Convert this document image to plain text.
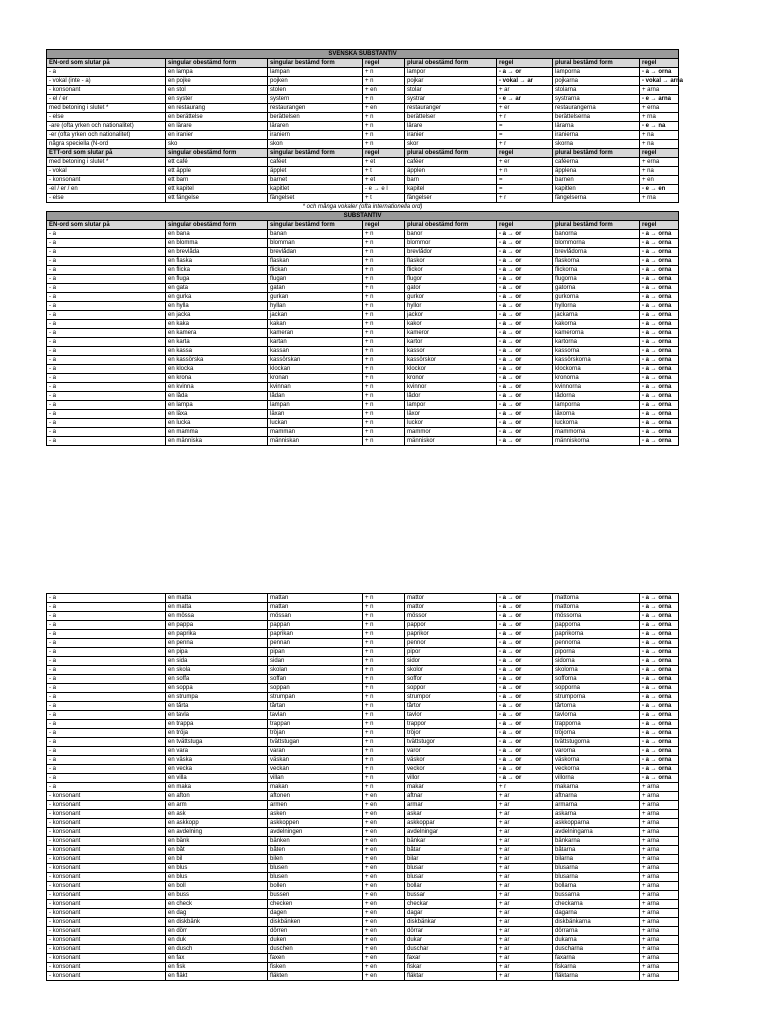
SVENSKA SUBSTANTIV							
EN-ord som slutar på	singular obestämd form	singular bestämd form	regel	plural obestämd form	regel	plural bestämd form	regel
- a	en lampa	lampan	+ n	lampor	- a → or	lamporna	- a → orna
- vokal (inte - a)	en pojke	pojken	+ n	pojkar	- vokal → ar	pojkarna	- vokal → arna
- konsonant	en stol	stolen	+ en	stolar	+ ar	stolarna	+ arna
- el / er	en syster	systern	+ n	systrar	- e → ar	systrarna	- e → arna
med betoning i slutet *	en restaurang	restaurangen	+ en	restauranger	+ er	restaurangerna	+ erna
- else	en berättelse	berättelsen	+ n	berättelser	+ r	berättelserna	+ rna
-are (ofta yrken och nationalitet)	en lärare	läraren	+ n	lärare	=	lärarna	- e → na
-er (ofta yrken och nationalitet)	en iranier	iraniern	+ n	iranier	=	iranierna	+ na
några speciella (N-ord	sko	skon	+ n	skor	+ r	skorna	+ na
ETT-ord som slutar på	singular obestämd form	singular bestämd form	regel	plural obestämd form	regel	plural bestämd form	regel
med betoning i slutet *	ett café	caféet	+ et	caféer	+ er	caféerna	+ erna
- vokal	ett äpple	äpplet	+ t	äpplen	+ n	äpplena	+ na
- konsonant	ett barn	barnet	+ et	barn	=	barnen	+ en
-el / er / en	ett kapitel	kapitlet	- e → e l	kapitel	=	kapitlen	- e → en
- else	ett fängelse	fängelset	+ t	fängelser	+ r	fängelserna	+ rna
* och många vokaler (ofta internationella ord)							
SUBSTANTIV							
EN-ord som slutar på	singular obestämd form	singular bestämd form	regel	plural obestämd form	regel	plural bestämd form	regel
- a	en bana	banan	+ n	banor	- a → or	banorna	- a → orna
- a	en blomma	blomman	+ n	blommor	- a → or	blommorna	- a → orna
- a	en brevlåda	brevlådan	+ n	brevlådor	- a → or	brevlådorna	- a → orna
- a	en flaska	flaskan	+ n	flaskor	- a → or	flaskorna	- a → orna
- a	en flicka	flickan	+ n	flickor	- a → or	flickorna	- a → orna
- a	en fluga	flugan	+ n	flugor	- a → or	flugorna	- a → orna
- a	en gata	gatan	+ n	gator	- a → or	gatorna	- a → orna
- a	en gurka	gurkan	+ n	gurkor	- a → or	gurkorna	- a → orna
- a	en hylla	hyllan	+ n	hyllor	- a → or	hyllorna	- a → orna
- a	en jacka	jackan	+ n	jackor	- a → or	jackarna	- a → orna
- a	en kaka	kakan	+ n	kakor	- a → or	kakorna	- a → orna
- a	en kamera	kameran	+ n	kameror	- a → or	kamerorna	- a → orna
- a	en karta	kartan	+ n	kartor	- a → or	kartorna	- a → orna
- a	en kassa	kassan	+ n	kassor	- a → or	kassorna	- a → orna
- a	en kassörska	kassörskan	+ n	kassörskor	- a → or	kassörskorna	- a → orna
- a	en klocka	klockan	+ n	klockor	- a → or	klockorna	- a → orna
- a	en krona	kronan	+ n	kronor	- a → or	kronorna	- a → orna
- a	en kvinna	kvinnan	+ n	kvinnor	- a → or	kvinnorna	- a → orna
- a	en låda	lådan	+ n	lådor	- a → or	lådorna	- a → orna
- a	en lampa	lampan	+ n	lampor	- a → or	lamporna	- a → orna
- a	en läxa	läxan	+ n	läxor	- a → or	läxorna	- a → orna
- a	en lucka	luckan	+ n	luckor	- a → or	luckorna	- a → orna
- a	en mamma	mamman	+ n	mammor	- a → or	mammorna	- a → orna
- a	en människa	människan	+ n	människor	- a → or	människorna	- a → orna
- a	en matta	mattan	+ n	mattor	- a → or	mattorna	- a → orna
- a	en matta	mattan	+ n	mattor	- a → or	mattorna	- a → orna
- a	en mössa	mössan	+ n	mössor	- a → or	mössorna	- a → orna
- a	en pappa	pappan	+ n	pappor	- a → or	papporna	- a → orna
- a	en paprika	paprikan	+ n	paprikor	- a → or	paprikorna	- a → orna
- a	en penna	pennan	+ n	pennor	- a → or	pennorna	- a → orna
- a	en pipa	pipan	+ n	pipor	- a → or	piporna	- a → orna
- a	en sida	sidan	+ n	sidor	- a → or	sidorna	- a → orna
- a	en skola	skolan	+ n	skolor	- a → or	skolorna	- a → orna
- a	en soffa	soffan	+ n	soffor	- a → or	sofforna	- a → orna
- a	en soppa	soppan	+ n	soppor	- a → or	sopporna	- a → orna
- a	en strumpa	strumpan	+ n	strumpor	- a → or	strumporna	- a → orna
- a	en tårta	tårtan	+ n	tårtor	- a → or	tårtorna	- a → orna
- a	en tavla	tavlan	+ n	tavlor	- a → or	tavlorna	- a → orna
- a	en trappa	trappan	+ n	trappor	- a → or	trapporna	- a → orna
- a	en tröja	tröjan	+ n	tröjor	- a → or	tröjorna	- a → orna
- a	en tvättstuga	tvättstugan	+ n	tvättstugor	- a → or	tvättstugorna	- a → orna
- a	en vara	varan	+ n	varor	- a → or	varorna	- a → orna
- a	en väska	väskan	+ n	väskor	- a → or	väskorna	- a → orna
- a	en vecka	veckan	+ n	veckor	- a → or	veckorna	- a → orna
- a	en villa	villan	+ n	villor	- a → or	villorna	- a → orna
- a	en maka	makan	+ n	makar	+ r	makarna	+ arna
- konsonant	en afton	aftonen	+ en	aftnar	+ ar	aftnarna	+ arna
- konsonant	en arm	armen	+ en	armar	+ ar	armarna	+ arna
- konsonant	en ask	asken	+ en	askar	+ ar	askarna	+ arna
- konsonant	en askkopp	askkoppen	+ en	askkoppar	+ ar	askkopparna	+ arna
- konsonant	en avdelning	avdelningen	+ en	avdelningar	+ ar	avdelningarna	+ arna
- konsonant	en bänk	bänken	+ en	bänkar	+ ar	bänkarna	+ arna
- konsonant	en båt	båten	+ en	båtar	+ ar	båtarna	+ arna
- konsonant	en bil	bilen	+ en	bilar	+ ar	bilarna	+ arna
- konsonant	en blus	blusen	+ en	blusar	+ ar	blusarna	+ arna
- konsonant	en blus	blusen	+ en	blusar	+ ar	blusarna	+ arna
- konsonant	en boll	bollen	+ en	bollar	+ ar	bollarna	+ arna
- konsonant	en buss	bussen	+ en	bussar	+ ar	bussarna	+ arna
- konsonant	en check	checken	+ en	checkar	+ ar	checkarna	+ arna
- konsonant	en dag	dagen	+ en	dagar	+ ar	dagarna	+ arna
- konsonant	en diskbänk	diskbänken	+ en	diskbänkar	+ ar	diskbänkarna	+ arna
- konsonant	en dörr	dörren	+ en	dörrar	+ ar	dörrarna	+ arna
- konsonant	en duk	duken	+ en	dukar	+ ar	dukarna	+ arna
- konsonant	en dusch	duschen	+ en	duschar	+ ar	duscharna	+ arna
- konsonant	en fax	faxen	+ en	faxar	+ ar	faxarna	+ arna
- konsonant	en fisk	fisken	+ en	fiskar	+ ar	fiskarna	+ arna
- konsonant	en fläkt	fläkten	+ en	fläktar	+ ar	fläktarna	+ arna
